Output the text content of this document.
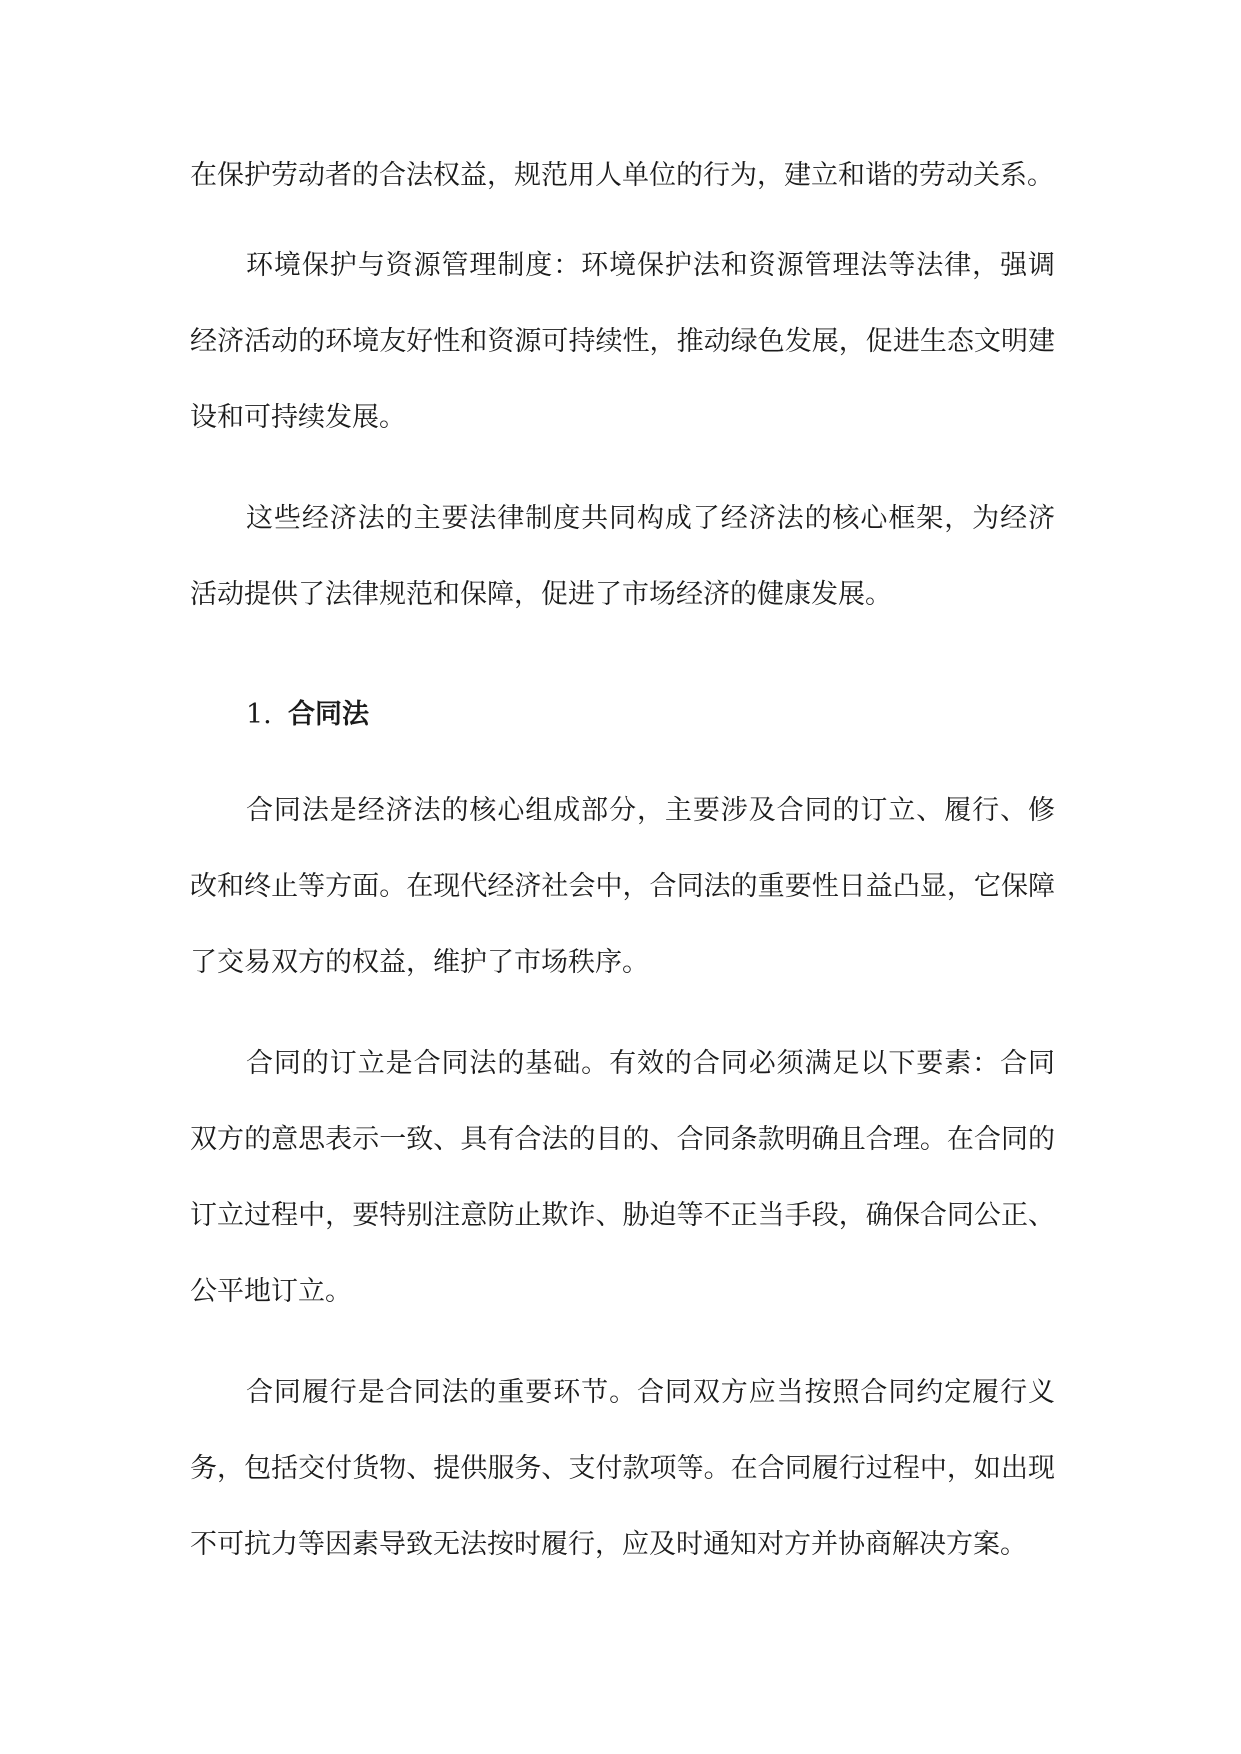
在保护劳动者的合法权益，规范用人单位的行为，建立和谐的劳动关系。

环境保护与资源管理制度：环境保护法和资源管理法等法律，强调经济活动的环境友好性和资源可持续性，推动绿色发展，促进生态文明建设和可持续发展。

这些经济法的主要法律制度共同构成了经济法的核心框架，为经济活动提供了法律规范和保障，促进了市场经济的健康发展。

1. 合同法

合同法是经济法的核心组成部分，主要涉及合同的订立、履行、修改和终止等方面。在现代经济社会中，合同法的重要性日益凸显，它保障了交易双方的权益，维护了市场秩序。

合同的订立是合同法的基础。有效的合同必须满足以下要素：合同双方的意思表示一致、具有合法的目的、合同条款明确且合理。在合同的订立过程中，要特别注意防止欺诈、胁迫等不正当手段，确保合同公正、公平地订立。

合同履行是合同法的重要环节。合同双方应当按照合同约定履行义务，包括交付货物、提供服务、支付款项等。在合同履行过程中，如出现不可抗力等因素导致无法按时履行，应及时通知对方并协商解决方案。
